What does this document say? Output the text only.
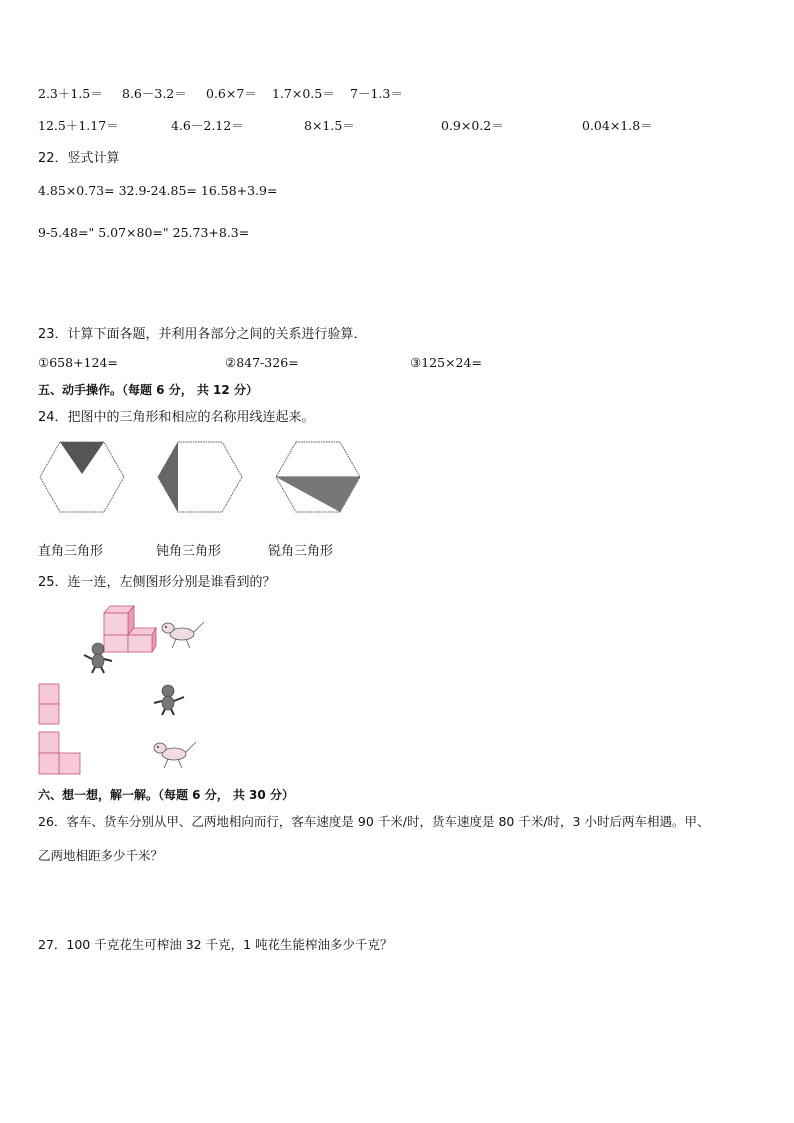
2.3＋1.5＝ 8.6－3.2＝ 0.6×7＝ 1.7×0.5＝ 7－1.3＝
12.5＋1.17＝	4.6－2.12＝	8×1.5＝	0.9×0.2＝	0.04×1.8＝
22．竖式计算
4.85×0.73= 32.9-24.85= 16.58+3.9=
9-5.48=" 5.07×80=" 25.73+8.3=
23．计算下面各题，并利用各部分之间的关系进行验算．
①658+124=	②847-326=	③125×24=
五、动手操作。（每题 6 分， 共 12 分）
24．把图中的三角形和相应的名称用线连起来。
直角三角形	钝角三角形	锐角三角形
25．连一连，左侧图形分别是谁看到的？
六、想一想，解一解。（每题 6 分， 共 30 分）
26．客车、货车分别从甲、乙两地相向而行，客车速度是 90 千米/时，货车速度是 80 千米/时，3 小时后两车相遇。甲、
乙两地相距多少千米？
27．100 千克花生可榨油 32 千克，1 吨花生能榨油多少千克？
